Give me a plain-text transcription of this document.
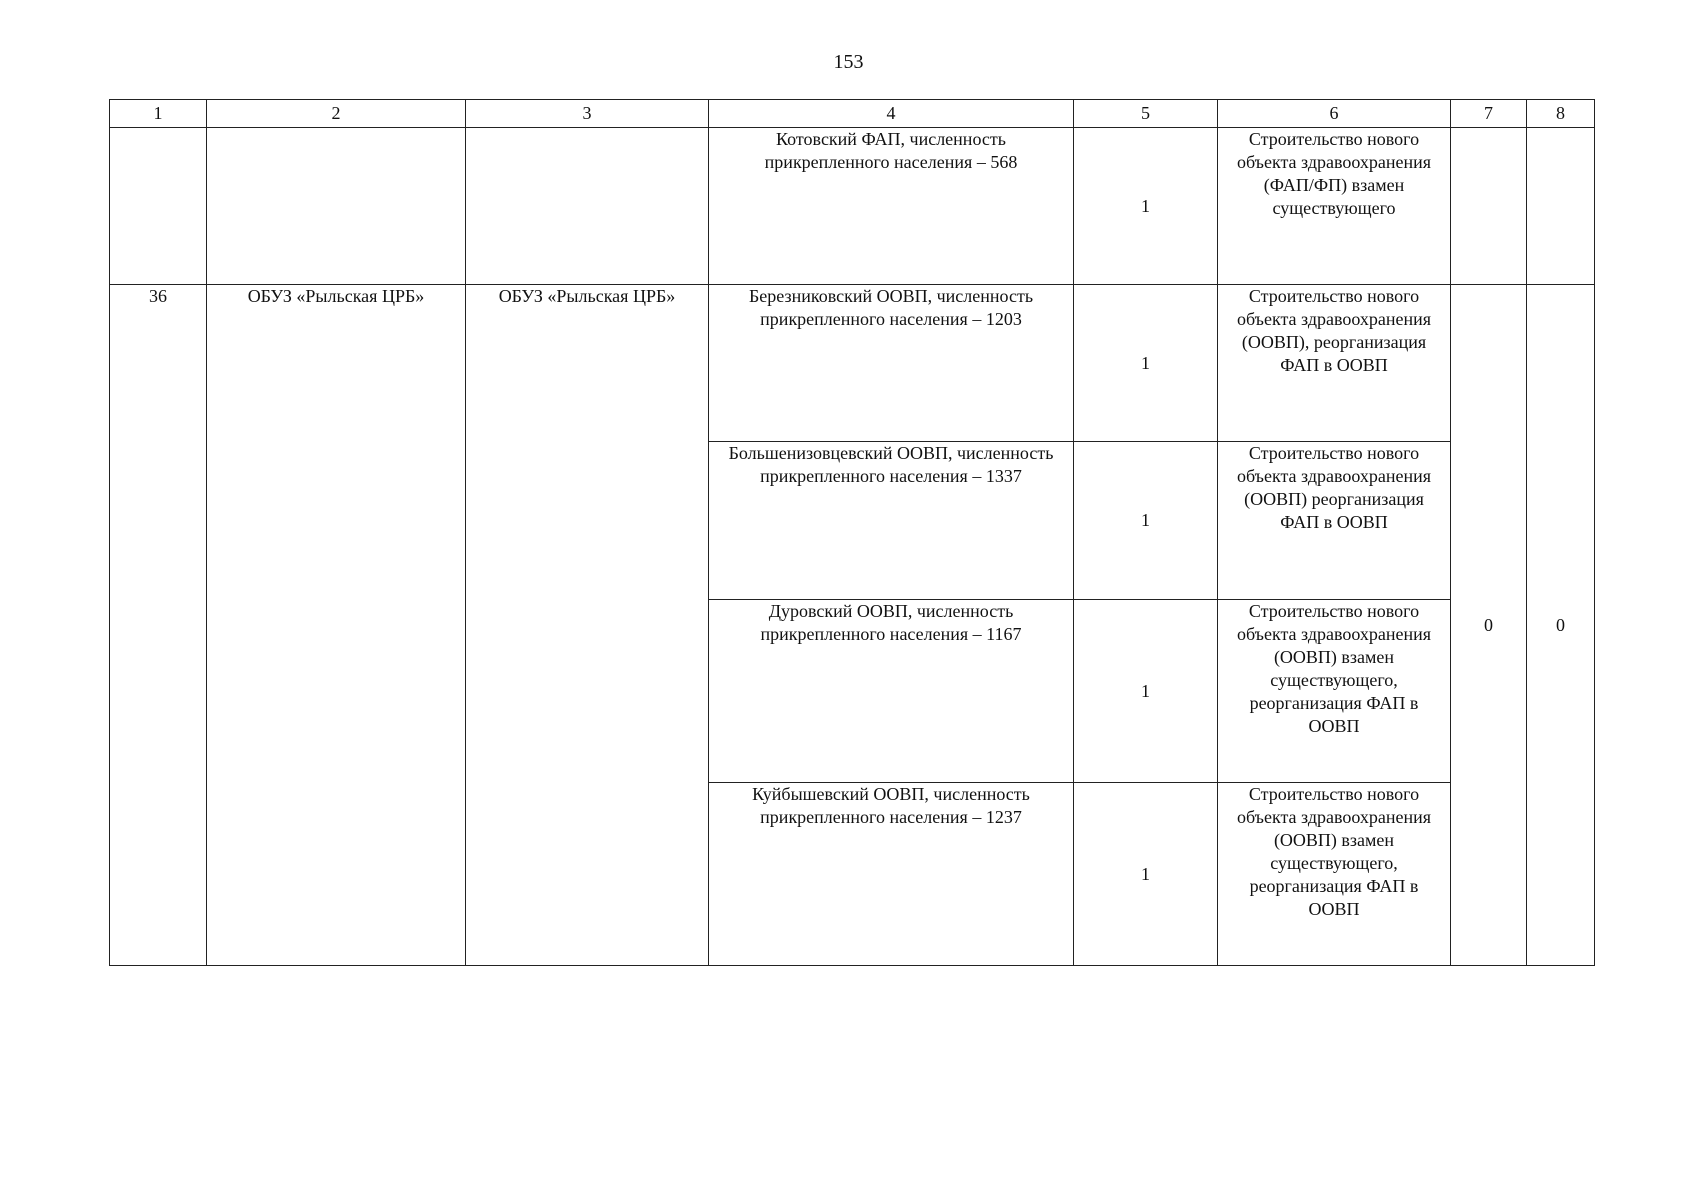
153
1	2	3	4	5	6	7	8
			Котовский ФАП, численность прикрепленного населения – 568	1	Строительство нового объекта здравоохранения (ФАП/ФП) взамен существующего		
36	ОБУЗ «Рыльская ЦРБ»	ОБУЗ «Рыльская ЦРБ»	Березниковский ООВП, численность прикрепленного населения – 1203	1	Строительство нового объекта здравоохранения (ООВП), реорганизация ФАП в ООВП	0	0
			Большенизовцевский ООВП, численность прикрепленного населения – 1337	1	Строительство нового объекта здравоохранения (ООВП) реорганизация ФАП в ООВП		
			Дуровский ООВП, численность прикрепленного населения – 1167	1	Строительство нового объекта здравоохранения (ООВП) взамен существующего, реорганизация ФАП в ООВП		
			Куйбышевский ООВП, численность прикрепленного населения – 1237	1	Строительство нового объекта здравоохранения (ООВП) взамен существующего, реорганизация ФАП в ООВП		
